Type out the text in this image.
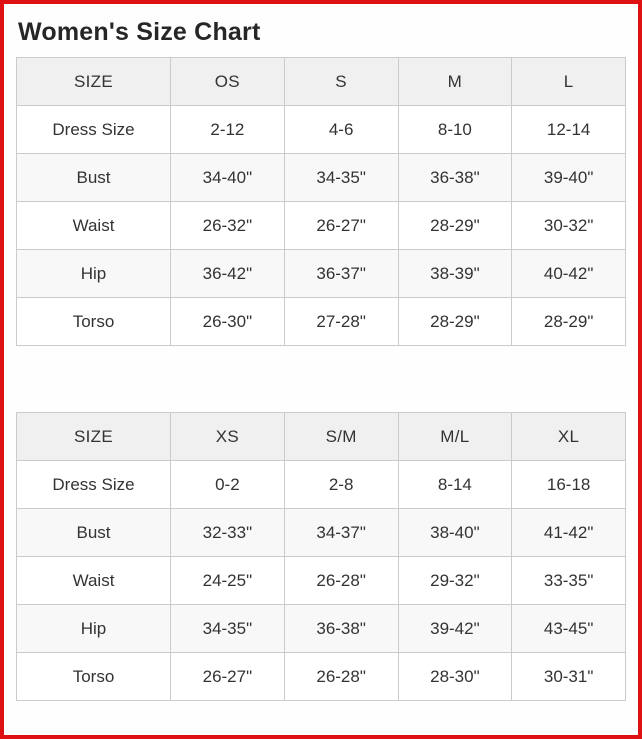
Women's Size Chart
SIZE	OS	S	M	L
Dress Size	2-12	4-6	8-10	12-14
Bust	34-40"	34-35"	36-38"	39-40"
Waist	26-32"	26-27"	28-29"	30-32"
Hip	36-42"	36-37"	38-39"	40-42"
Torso	26-30"	27-28"	28-29"	28-29"
SIZE	XS	S/M	M/L	XL
Dress Size	0-2	2-8	8-14	16-18
Bust	32-33"	34-37"	38-40"	41-42"
Waist	24-25"	26-28"	29-32"	33-35"
Hip	34-35"	36-38"	39-42"	43-45"
Torso	26-27"	26-28"	28-30"	30-31"
